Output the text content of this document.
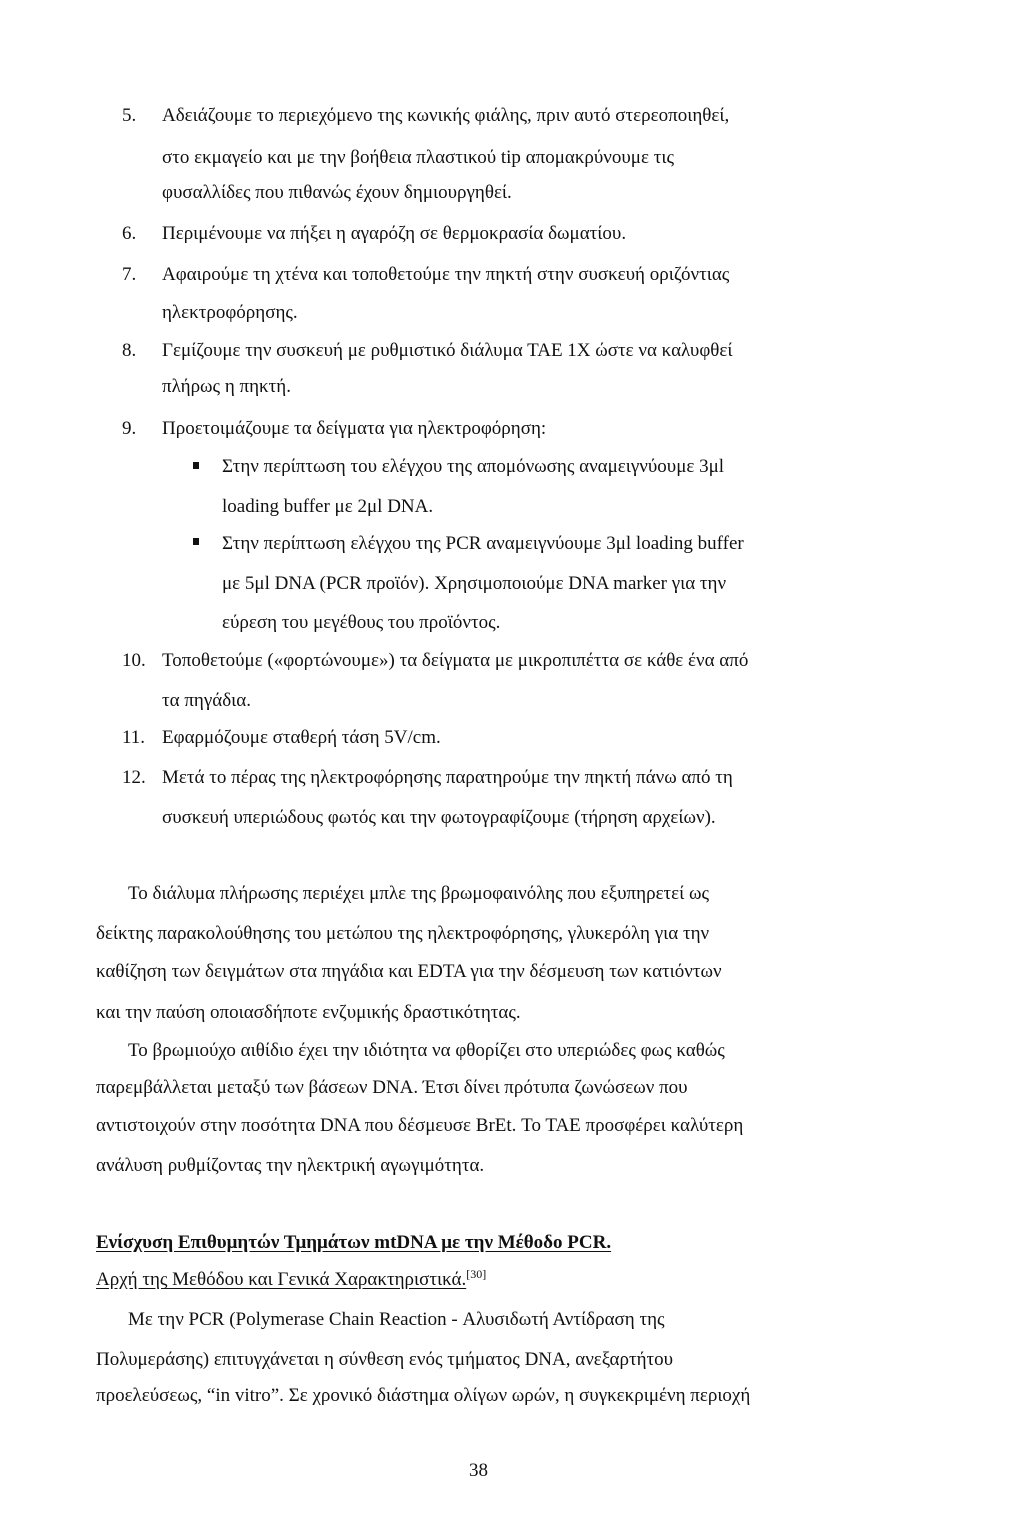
5. Αδειάζουμε το περιεχόμενο της κωνικής φιάλης, πριν αυτό στερεοποιηθεί,
στο εκμαγείο και με την βοήθεια πλαστικού tip απομακρύνουμε τις
φυσαλλίδες που πιθανώς έχουν δημιουργηθεί.
6. Περιμένουμε να πήξει η αγαρόζη σε θερμοκρασία δωματίου.
7. Αφαιρούμε τη χτένα και τοποθετούμε την πηκτή στην συσκευή οριζόντιας
ηλεκτροφόρησης.
8. Γεμίζουμε την συσκευή με ρυθμιστικό διάλυμα ΤΑΕ 1Χ ώστε να καλυφθεί
πλήρως η πηκτή.
9. Προετοιμάζουμε τα δείγματα για ηλεκτροφόρηση:
Στην περίπτωση του ελέγχου της απομόνωσης αναμειγνύουμε 3μl
loading buffer με 2μl DNA.
Στην περίπτωση ελέγχου της PCR αναμειγνύουμε 3μl loading buffer
με 5μl DNA (PCR προϊόν). Χρησιμοποιούμε DNA marker για την
εύρεση του μεγέθους του προϊόντος.
10. Τοποθετούμε («φορτώνουμε») τα δείγματα με μικροπιπέττα σε κάθε ένα από
τα πηγάδια.
11. Εφαρμόζουμε σταθερή τάση 5V/cm.
12. Μετά το πέρας της ηλεκτροφόρησης παρατηρούμε την πηκτή πάνω από τη
συσκευή υπεριώδους φωτός και την φωτογραφίζουμε (τήρηση αρχείων).
Το διάλυμα πλήρωσης περιέχει μπλε της βρωμοφαινόλης που εξυπηρετεί ως
δείκτης παρακολούθησης του μετώπου της ηλεκτροφόρησης, γλυκερόλη για την
καθίζηση των δειγμάτων στα πηγάδια και EDTA για την δέσμευση των κατιόντων
και την παύση οποιασδήποτε ενζυμικής δραστικότητας.
Το βρωμιούχο αιθίδιο έχει την ιδιότητα να φθορίζει στο υπεριώδες φως καθώς
παρεμβάλλεται μεταξύ των βάσεων DNA. Έτσι δίνει πρότυπα ζωνώσεων που
αντιστοιχούν στην ποσότητα DNA που δέσμευσε BrEt. Το ΤΑΕ προσφέρει καλύτερη
ανάλυση ρυθμίζοντας την ηλεκτρική αγωγιμότητα.
Ενίσχυση Επιθυμητών Τμημάτων mtDNA με την Μέθοδο PCR.
Αρχή της Μεθόδου και Γενικά Χαρακτηριστικά.[30]
Με την PCR (Polymerase Chain Reaction - Αλυσιδωτή Αντίδραση της
Πολυμεράσης) επιτυγχάνεται η σύνθεση ενός τμήματος DNA, ανεξαρτήτου
προελεύσεως, “in vitro”. Σε χρονικό διάστημα ολίγων ωρών, η συγκεκριμένη περιοχή
38
